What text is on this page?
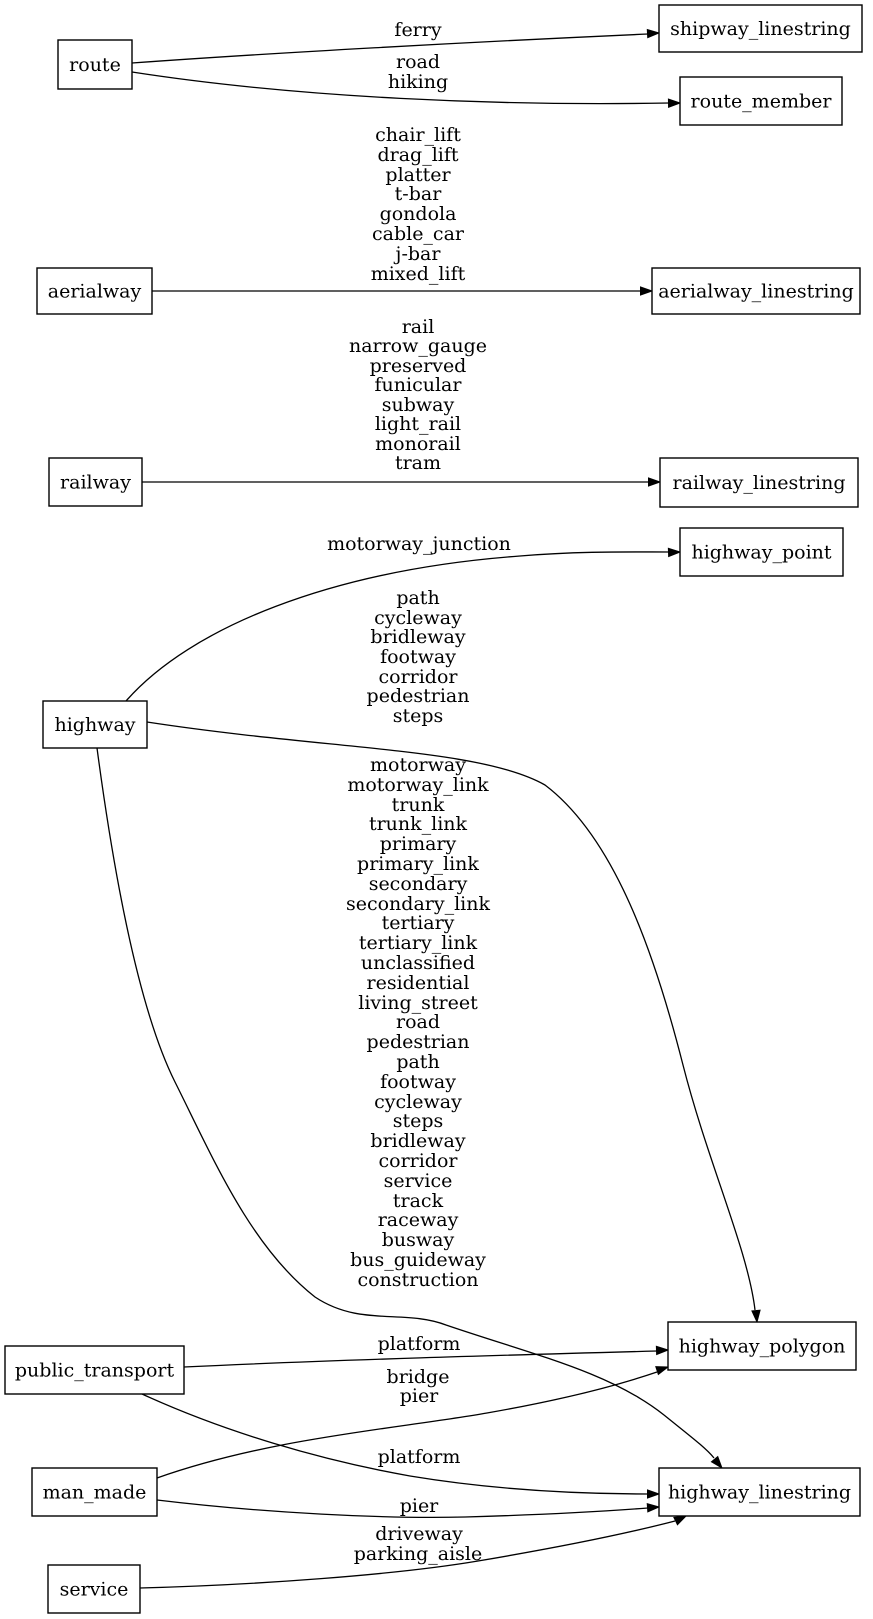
ferry
road
hiking
chair_lift
drag_lift
platter
t-bar
gondola
cable_car
j-bar
mixed_lift
rail
narrow_gauge
preserved
funicular
subway
light_rail
monorail
tram
motorway_junction
path
cycleway
bridleway
footway
corridor
pedestrian
steps
motorway
motorway_link
trunk
trunk_link
primary
primary_link
secondary
secondary_link
tertiary
tertiary_link
unclassified
residential
living_street
road
pedestrian
path
footway
cycleway
steps
bridleway
corridor
service
track
raceway
busway
bus_guideway
construction
platform
platform
bridge
pier
pier
driveway
parking_aisle
route
shipway_linestring
route_member
aerialway	aerialway_linestring
railway	railway_linestring
highway_point
highway
public_transport
highway_polygon
man_made	highway_linestring
service
